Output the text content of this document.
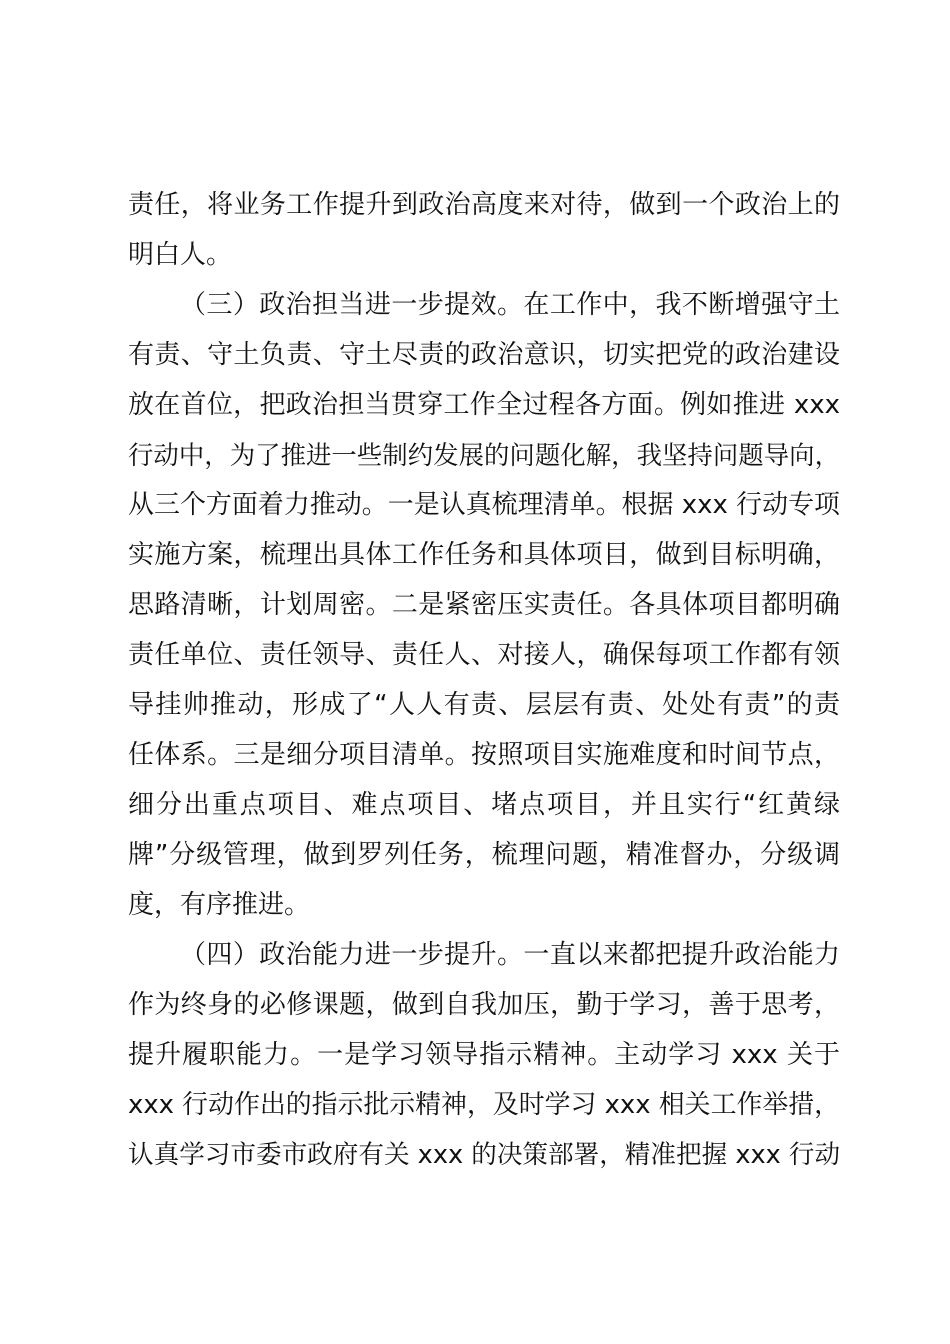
责任，将业务工作提升到政治高度来对待，做到一个政治上的
明白人。
（三）政治担当进一步提效。在工作中，我不断增强守土
有责、守土负责、守土尽责的政治意识，切实把党的政治建设
放在首位，把政治担当贯穿工作全过程各方面。例如推进 xxx
行动中，为了推进一些制约发展的问题化解，我坚持问题导向，
从三个方面着力推动。一是认真梳理清单。根据 xxx 行动专项
实施方案，梳理出具体工作任务和具体项目，做到目标明确，
思路清晰，计划周密。二是紧密压实责任。各具体项目都明确
责任单位、责任领导、责任人、对接人，确保每项工作都有领
导挂帅推动，形成了“人人有责、层层有责、处处有责”的责
任体系。三是细分项目清单。按照项目实施难度和时间节点，
细分出重点项目、难点项目、堵点项目，并且实行“红黄绿
牌”分级管理，做到罗列任务，梳理问题，精准督办，分级调
度，有序推进。
（四）政治能力进一步提升。一直以来都把提升政治能力
作为终身的必修课题，做到自我加压，勤于学习，善于思考，
提升履职能力。一是学习领导指示精神。主动学习 xxx 关于
xxx 行动作出的指示批示精神，及时学习 xxx 相关工作举措，
认真学习市委市政府有关 xxx 的决策部署，精准把握 xxx 行动
